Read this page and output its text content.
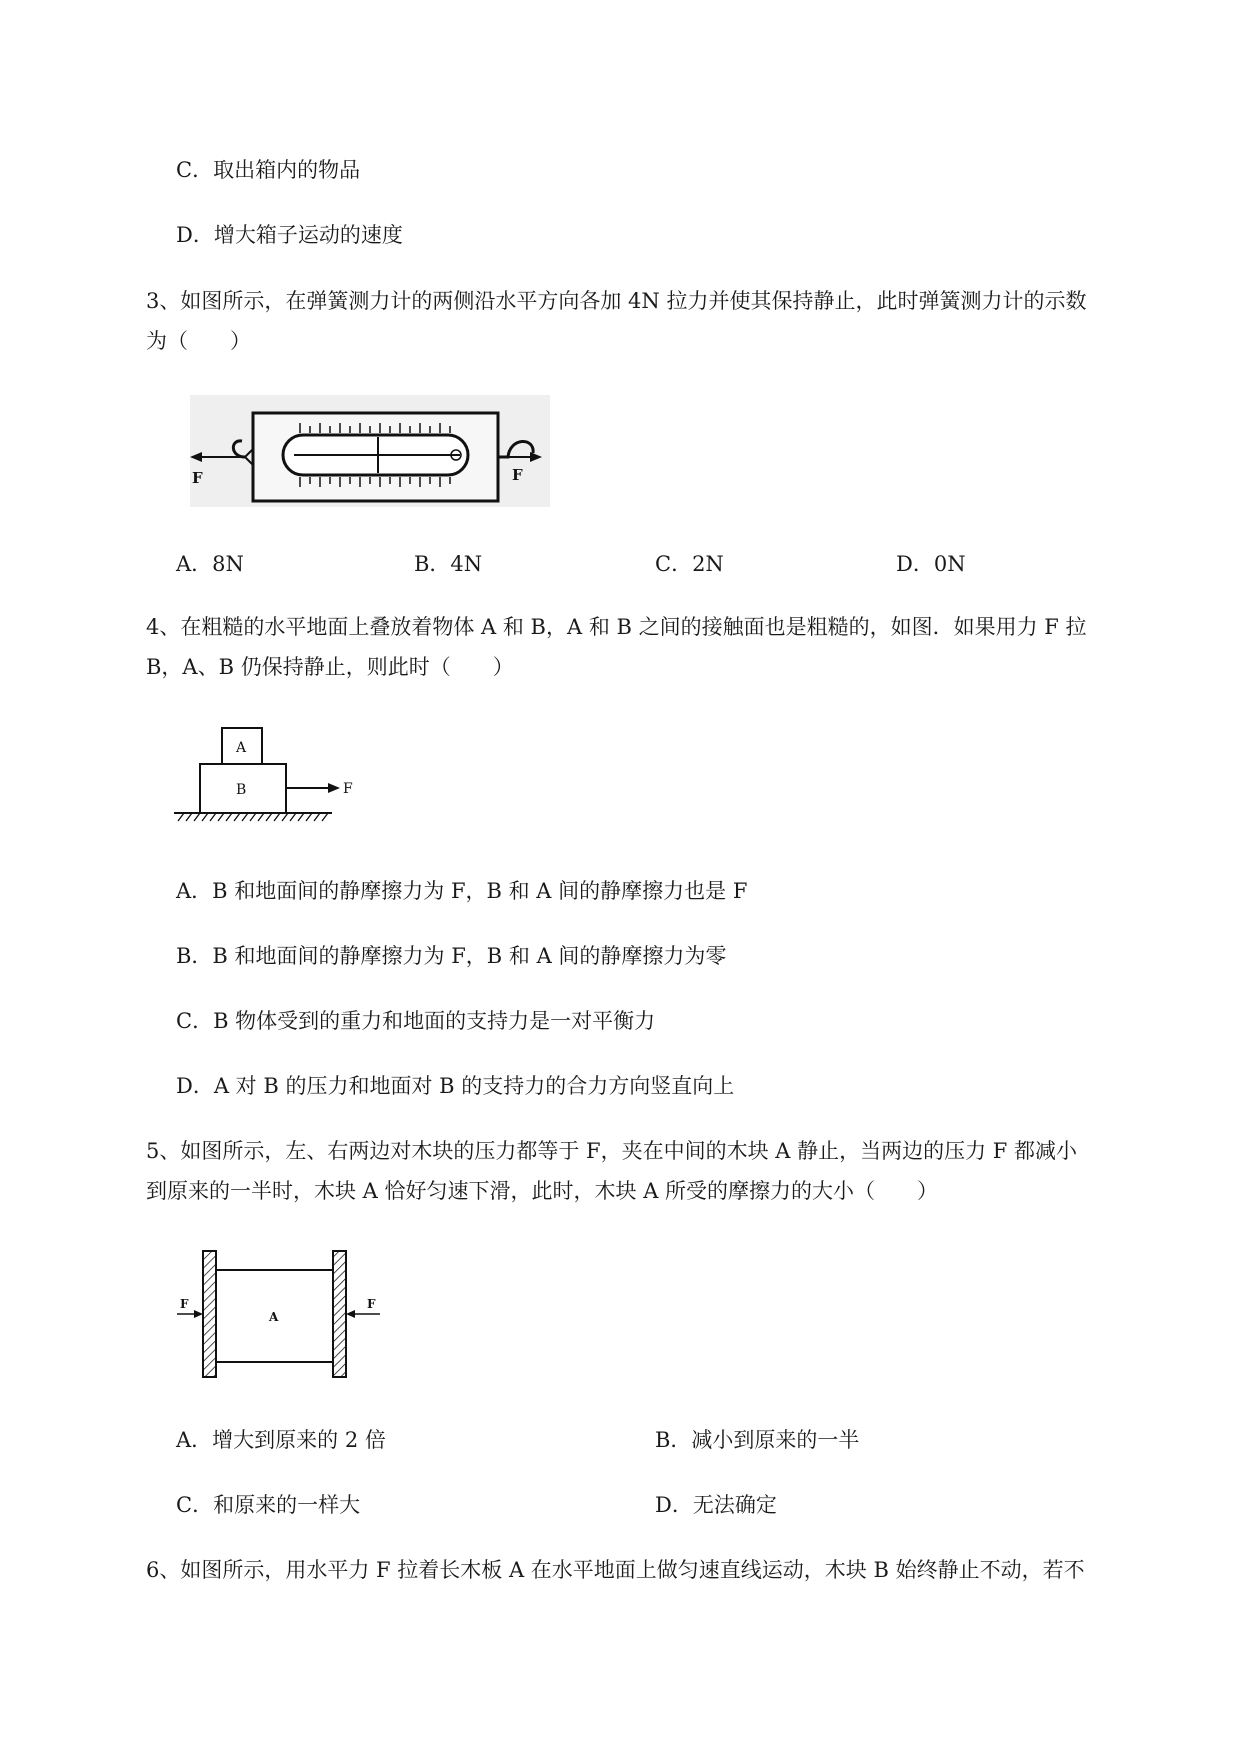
C．取出箱内的物品
D．增大箱子运动的速度
3、如图所示，在弹簧测力计的两侧沿水平方向各加 4N 拉力并使其保持静止，此时弹簧测力计的示数
为（　　）
F	F
A．8N	B．4N	C．2N	D．0N
4、在粗糙的水平地面上叠放着物体 A 和 B，A 和 B 之间的接触面也是粗糙的，如图．如果用力 F 拉
B，A、B 仍保持静止，则此时（　　）
A
B	F
A．B 和地面间的静摩擦力为 F，B 和 A 间的静摩擦力也是 F
B．B 和地面间的静摩擦力为 F，B 和 A 间的静摩擦力为零
C．B 物体受到的重力和地面的支持力是一对平衡力
D．A 对 B 的压力和地面对 B 的支持力的合力方向竖直向上
5、如图所示，左、右两边对木块的压力都等于 F，夹在中间的木块 A 静止，当两边的压力 F 都减小
到原来的一半时，木块 A 恰好匀速下滑，此时，木块 A 所受的摩擦力的大小（　　）
F	F
A
A．增大到原来的 2 倍	B．减小到原来的一半
C．和原来的一样大	D．无法确定
6、如图所示，用水平力 F 拉着长木板 A 在水平地面上做匀速直线运动，木块 B 始终静止不动，若不
